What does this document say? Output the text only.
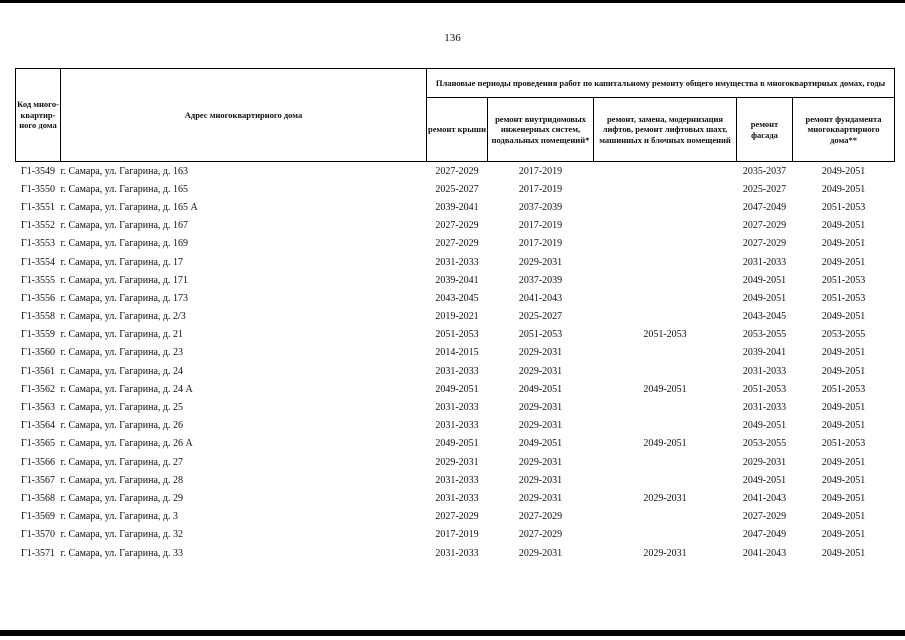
136
Код много-квартир-ного дома	Адрес многоквартирного дома	Плановые периоды проведения работ по капитальному ремонту общего имущества в многоквартирных домах, годы				
		ремонт крыши	ремонт внутридомовых инженерных систем, подвальных помещений*	ремонт, замена, модернизация лифтов, ремонт лифтовых шахт, машинных и блочных помещений	ремонт фасада	ремонт фундамента многоквартирного дома**
Г1-3549	г. Самара, ул. Гагарина, д. 163	2027-2029	2017-2019		2035-2037	2049-2051
Г1-3550	г. Самара, ул. Гагарина, д. 165	2025-2027	2017-2019		2025-2027	2049-2051
Г1-3551	г. Самара, ул. Гагарина, д. 165 А	2039-2041	2037-2039		2047-2049	2051-2053
Г1-3552	г. Самара, ул. Гагарина, д. 167	2027-2029	2017-2019		2027-2029	2049-2051
Г1-3553	г. Самара, ул. Гагарина, д. 169	2027-2029	2017-2019		2027-2029	2049-2051
Г1-3554	г. Самара, ул. Гагарина, д. 17	2031-2033	2029-2031		2031-2033	2049-2051
Г1-3555	г. Самара, ул. Гагарина, д. 171	2039-2041	2037-2039		2049-2051	2051-2053
Г1-3556	г. Самара, ул. Гагарина, д. 173	2043-2045	2041-2043		2049-2051	2051-2053
Г1-3558	г. Самара, ул. Гагарина, д. 2/3	2019-2021	2025-2027		2043-2045	2049-2051
Г1-3559	г. Самара, ул. Гагарина, д. 21	2051-2053	2051-2053	2051-2053	2053-2055	2053-2055
Г1-3560	г. Самара, ул. Гагарина, д. 23	2014-2015	2029-2031		2039-2041	2049-2051
Г1-3561	г. Самара, ул. Гагарина, д. 24	2031-2033	2029-2031		2031-2033	2049-2051
Г1-3562	г. Самара, ул. Гагарина, д. 24 А	2049-2051	2049-2051	2049-2051	2051-2053	2051-2053
Г1-3563	г. Самара, ул. Гагарина, д. 25	2031-2033	2029-2031		2031-2033	2049-2051
Г1-3564	г. Самара, ул. Гагарина, д. 26	2031-2033	2029-2031		2049-2051	2049-2051
Г1-3565	г. Самара, ул. Гагарина, д. 26 А	2049-2051	2049-2051	2049-2051	2053-2055	2051-2053
Г1-3566	г. Самара, ул. Гагарина, д. 27	2029-2031	2029-2031		2029-2031	2049-2051
Г1-3567	г. Самара, ул. Гагарина, д. 28	2031-2033	2029-2031		2049-2051	2049-2051
Г1-3568	г. Самара, ул. Гагарина, д. 29	2031-2033	2029-2031	2029-2031	2041-2043	2049-2051
Г1-3569	г. Самара, ул. Гагарина, д. 3	2027-2029	2027-2029		2027-2029	2049-2051
Г1-3570	г. Самара, ул. Гагарина, д. 32	2017-2019	2027-2029		2047-2049	2049-2051
Г1-3571	г. Самара, ул. Гагарина, д. 33	2031-2033	2029-2031	2029-2031	2041-2043	2049-2051
